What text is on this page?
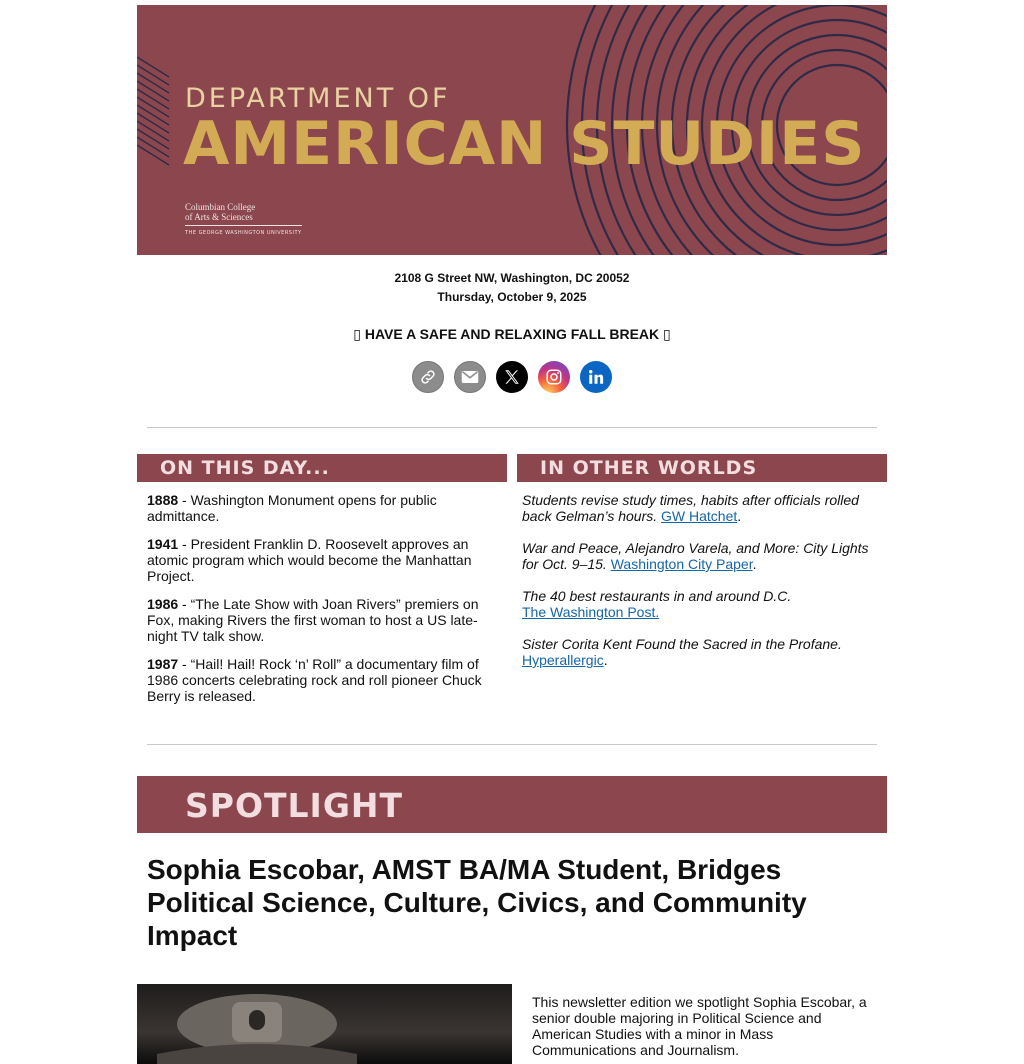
DEPARTMENT OF
AMERICAN STUDIES
Columbian College
of Arts & Sciences
THE GEORGE WASHINGTON UNIVERSITY
2108 G Street NW, Washington, DC 20052
Thursday, October 9, 2025
▯ HAVE A SAFE AND RELAXING FALL BREAK ▯
ON THIS DAY...
1888 - Washington Monument opens for public admittance.
1941 - President Franklin D. Roosevelt approves an atomic program which would become the Manhattan Project.
1986 - “The Late Show with Joan Rivers” premiers on Fox, making Rivers the first woman to host a US late-night TV talk show.
1987 - “Hail! Hail! Rock ‘n’ Roll” a documentary film of 1986 concerts celebrating rock and roll pioneer Chuck Berry is released.
IN OTHER WORLDS
Students revise study times, habits after officials rolled back Gelman’s hours. GW Hatchet.
War and Peace, Alejandro Varela, and More: City Lights for Oct. 9–15. Washington City Paper.
The 40 best restaurants in and around D.C.
The Washington Post.
Sister Corita Kent Found the Sacred in the Profane.
Hyperallergic.
SPOTLIGHT
Sophia Escobar, AMST BA/MA Student, Bridges Political Science, Culture, Civics, and Community Impact
This newsletter edition we spotlight Sophia Escobar, a senior double majoring in Political Science and American Studies with a minor in Mass Communications and Journalism.
